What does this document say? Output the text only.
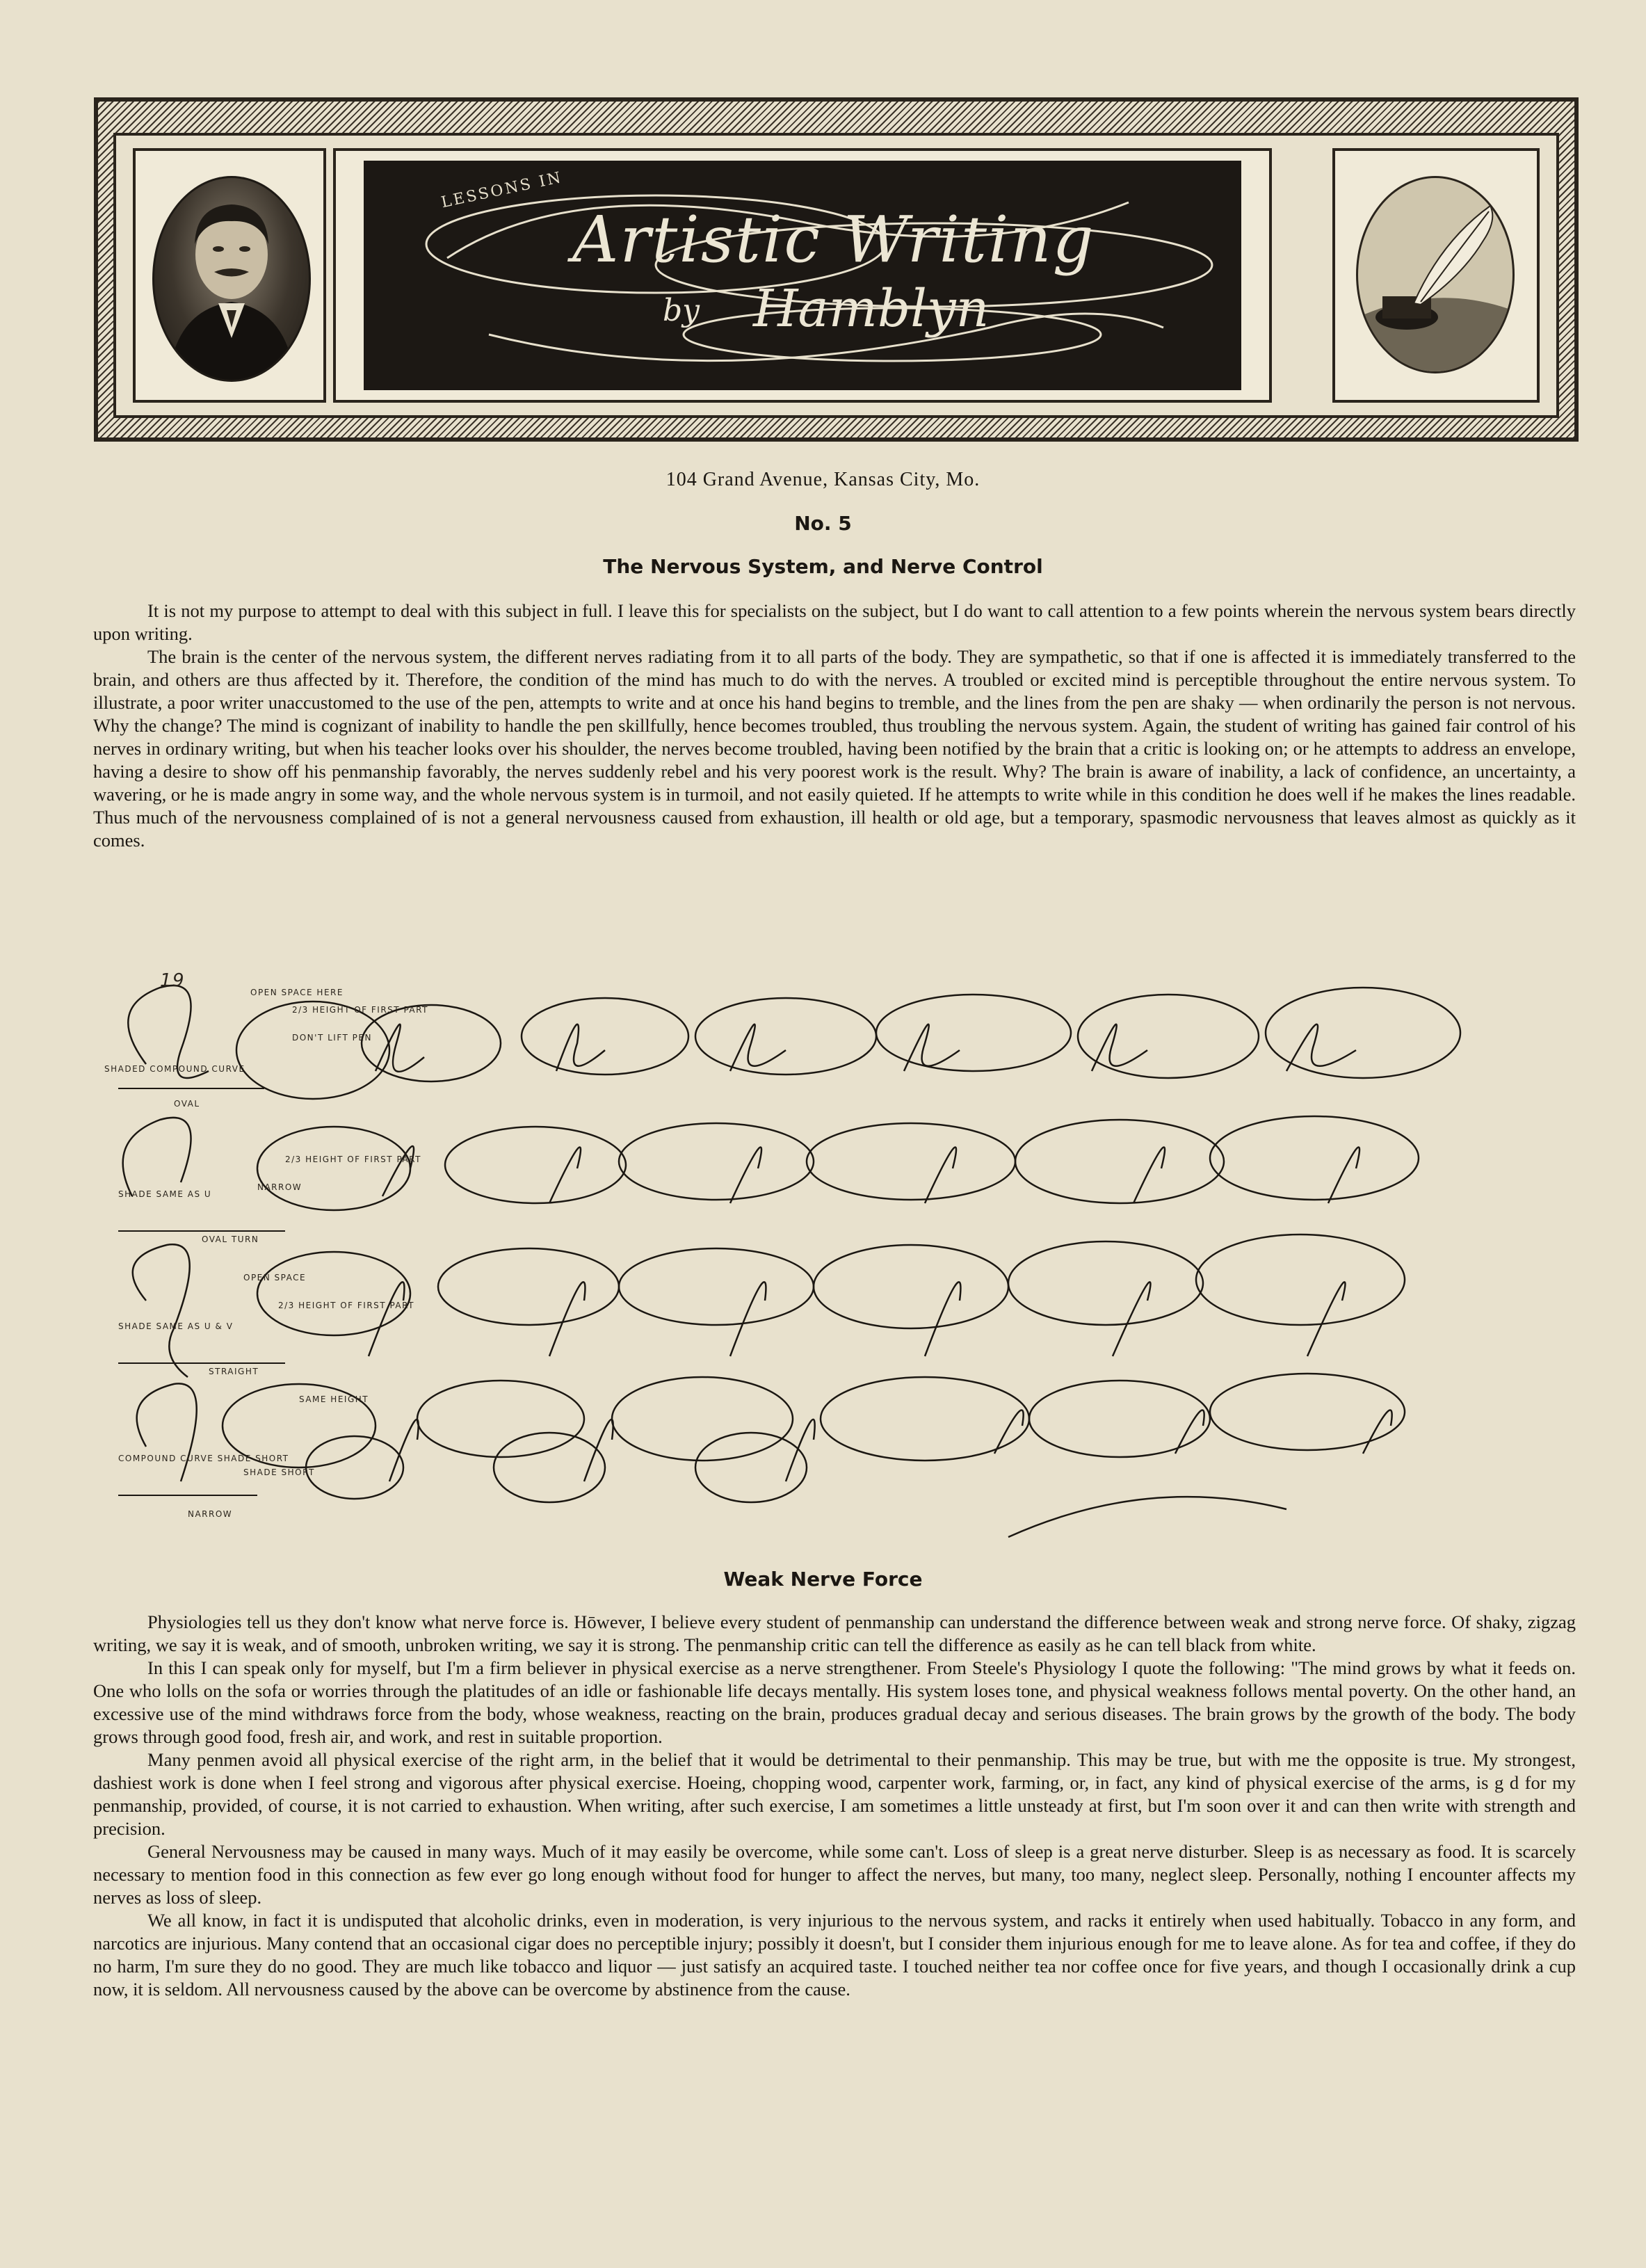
LESSONS IN
Artistic Writing
by Hamblyn
104 Grand Avenue, Kansas City, Mo.
No. 5
The Nervous System, and Nerve Control

It is not my purpose to attempt to deal with this subject in full. I leave this for specialists on the subject, but I do want to call attention to a few points wherein the nervous system bears directly upon writing.

The brain is the center of the nervous system, the different nerves radiating from it to all parts of the body. They are sympathetic, so that if one is affected it is immediately transferred to the brain, and others are thus affected by it. Therefore, the condition of the mind has much to do with the nerves. A troubled or excited mind is perceptible throughout the entire nervous system. To illustrate, a poor writer unaccustomed to the use of the pen, attempts to write and at once his hand begins to tremble, and the lines from the pen are shaky — when ordinarily the person is not nervous. Why the change? The mind is cognizant of inability to handle the pen skillfully, hence becomes troubled, thus troubling the nervous system. Again, the student of writing has gained fair control of his nerves in ordinary writing, but when his teacher looks over his shoulder, the nerves become troubled, having been notified by the brain that a critic is looking on; or he attempts to address an envelope, having a desire to show off his penmanship favorably, the nerves suddenly rebel and his very poorest work is the result. Why? The brain is aware of inability, a lack of confidence, an uncertainty, a wavering, or he is made angry in some way, and the whole nervous system is in turmoil, and not easily quieted. If he attempts to write while in this condition he does well if he makes the lines readable. Thus much of the nervousness complained of is not a general nervousness caused from exhaustion, ill health or old age, but a temporary, spasmodic nervousness that leaves almost as quickly as it comes.

OPEN SPACE HERE
2/3 HEIGHT OF FIRST PART
DON'T LIFT PEN
SHADED COMPOUND CURVE
OVAL
2/3 HEIGHT OF FIRST PART
NARROW
SHADE SAME AS U
OVAL TURN
OPEN SPACE
2/3 HEIGHT OF FIRST PART
SHADE SAME AS U & V
STRAIGHT
SAME HEIGHT
COMPOUND CURVE SHADE SHORT
SHADE SHORT
NARROW
19
Weak Nerve Force

Physiologies tell us they don't know what nerve force is. Hōwever, I believe every student of penmanship can understand the difference between weak and strong nerve force. Of shaky, zigzag writing, we say it is weak, and of smooth, unbroken writing, we say it is strong. The penmanship critic can tell the difference as easily as he can tell black from white.

In this I can speak only for myself, but I'm a firm believer in physical exercise as a nerve strengthener. From Steele's Physiology I quote the following: "The mind grows by what it feeds on. One who lolls on the sofa or worries through the platitudes of an idle or fashionable life decays mentally. His system loses tone, and physical weakness follows mental poverty. On the other hand, an excessive use of the mind withdraws force from the body, whose weakness, reacting on the brain, produces gradual decay and serious diseases. The brain grows by the growth of the body. The body grows through good food, fresh air, and work, and rest in suitable proportion.

Many penmen avoid all physical exercise of the right arm, in the belief that it would be detrimental to their penmanship. This may be true, but with me the opposite is true. My strongest, dashiest work is done when I feel strong and vigorous after physical exercise. Hoeing, chopping wood, carpenter work, farming, or, in fact, any kind of physical exercise of the arms, is g d for my penmanship, provided, of course, it is not carried to exhaustion. When writing, after such exercise, I am sometimes a little unsteady at first, but I'm soon over it and can then write with strength and precision.

General Nervousness may be caused in many ways. Much of it may easily be overcome, while some can't. Loss of sleep is a great nerve disturber. Sleep is as necessary as food. It is scarcely necessary to mention food in this connection as few ever go long enough without food for hunger to affect the nerves, but many, too many, neglect sleep. Personally, nothing I encounter affects my nerves as loss of sleep.

We all know, in fact it is undisputed that alcoholic drinks, even in moderation, is very injurious to the nervous system, and racks it entirely when used habitually. Tobacco in any form, and narcotics are injurious. Many contend that an occasional cigar does no perceptible injury; possibly it doesn't, but I consider them injurious enough for me to leave alone. As for tea and coffee, if they do no harm, I'm sure they do no good. They are much like tobacco and liquor — just satisfy an acquired taste. I touched neither tea nor coffee once for five years, and though I occasionally drink a cup now, it is seldom. All nervousness caused by the above can be overcome by abstinence from the cause.
